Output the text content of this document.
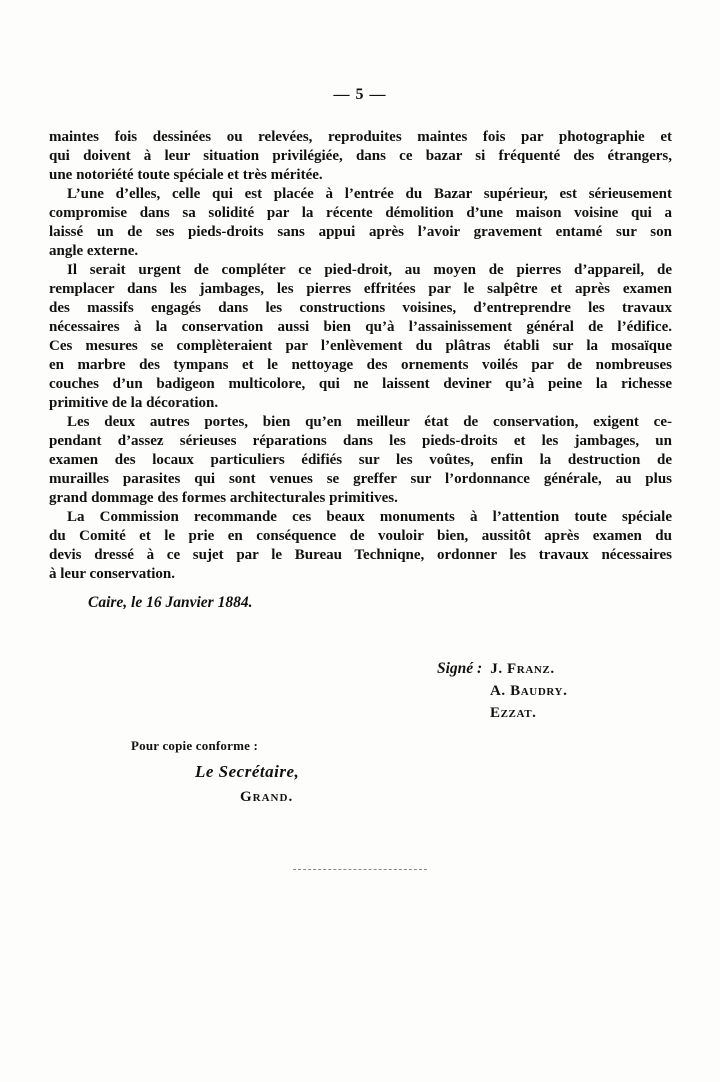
— 5 —
maintes fois dessinées ou relevées, reproduites maintes fois par photographie et
qui doivent à leur situation privilégiée, dans ce bazar si fréquenté des étrangers,
une notoriété toute spéciale et très méritée.
L’une d’elles, celle qui est placée à l’entrée du Bazar supérieur, est sérieusement
compromise dans sa solidité par la récente démolition d’une maison voisine qui a
laissé un de ses pieds-droits sans appui après l’avoir gravement entamé sur son
angle externe.
Il serait urgent de compléter ce pied-droit, au moyen de pierres d’appareil, de
remplacer dans les jambages, les pierres effritées par le salpêtre et après examen
des massifs engagés dans les constructions voisines, d’entreprendre les travaux
nécessaires à la conservation aussi bien qu’à l’assainissement général de l’édifice.
Ces mesures se complèteraient par l’enlèvement du plâtras établi sur la mosaïque
en marbre des tympans et le nettoyage des ornements voilés par de nombreuses
couches d’un badigeon multicolore, qui ne laissent deviner qu’à peine la richesse
primitive de la décoration.
Les deux autres portes, bien qu’en meilleur état de conservation, exigent ce-
pendant d’assez sérieuses réparations dans les pieds-droits et les jambages, un
examen des locaux particuliers édifiés sur les voûtes, enfin la destruction de
murailles parasites qui sont venues se greffer sur l’ordonnance générale, au plus
grand dommage des formes architecturales primitives.
La Commission recommande ces beaux monuments à l’attention toute spéciale
du Comité et le prie en conséquence de vouloir bien, aussitôt après examen du
devis dressé à ce sujet par le Bureau Techniqne, ordonner les travaux nécessaires
à leur conservation.
Caire, le 16 Janvier 1884.
Signé : J. Franz.
A. Baudry.
Ezzat.
Pour copie conforme :
Le Secrétaire,
Grand.
